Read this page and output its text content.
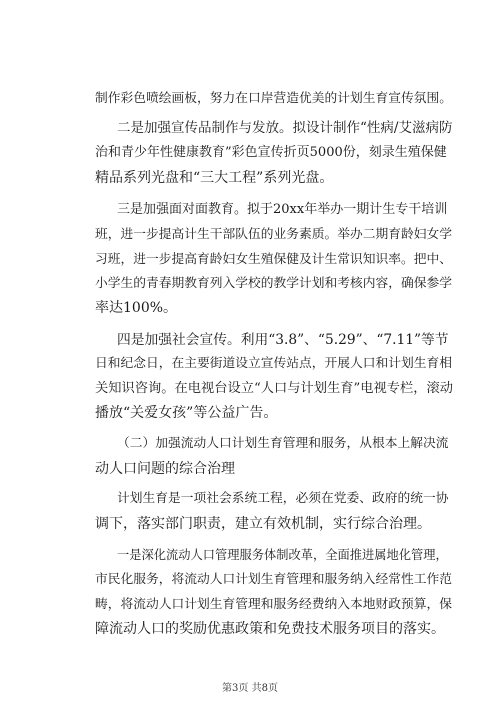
制作彩色喷绘画板，努力在口岸营造优美的计划生育宣传氛围。
二是加强宣传品制作与发放。拟设计制作“性病/艾滋病防
治和青少年性健康教育”彩色宣传折页5000份，刻录生殖保健
精品系列光盘和“三大工程”系列光盘。
三是加强面对面教育。拟于20xx年举办一期计生专干培训
班，进一步提高计生干部队伍的业务素质。举办二期育龄妇女学
习班，进一步提高育龄妇女生殖保健及计生常识知识率。把中、
小学生的青春期教育列入学校的教学计划和考核内容，确保参学
率达100%。
四是加强社会宣传。利用“3.8”、“5.29”、“7.11”等节
日和纪念日，在主要街道设立宣传站点，开展人口和计划生育相
关知识咨询。在电视台设立“人口与计划生育”电视专栏，滚动
播放“关爱女孩”等公益广告。
（二）加强流动人口计划生育管理和服务，从根本上解决流
动人口问题的综合治理
计划生育是一项社会系统工程，必须在党委、政府的统一协
调下，落实部门职责，建立有效机制，实行综合治理。
一是深化流动人口管理服务体制改革，全面推进属地化管理，
市民化服务，将流动人口计划生育管理和服务纳入经常性工作范
畴，将流动人口计划生育管理和服务经费纳入本地财政预算，保
障流动人口的奖励优惠政策和免费技术服务项目的落实。
第3页 共8页
